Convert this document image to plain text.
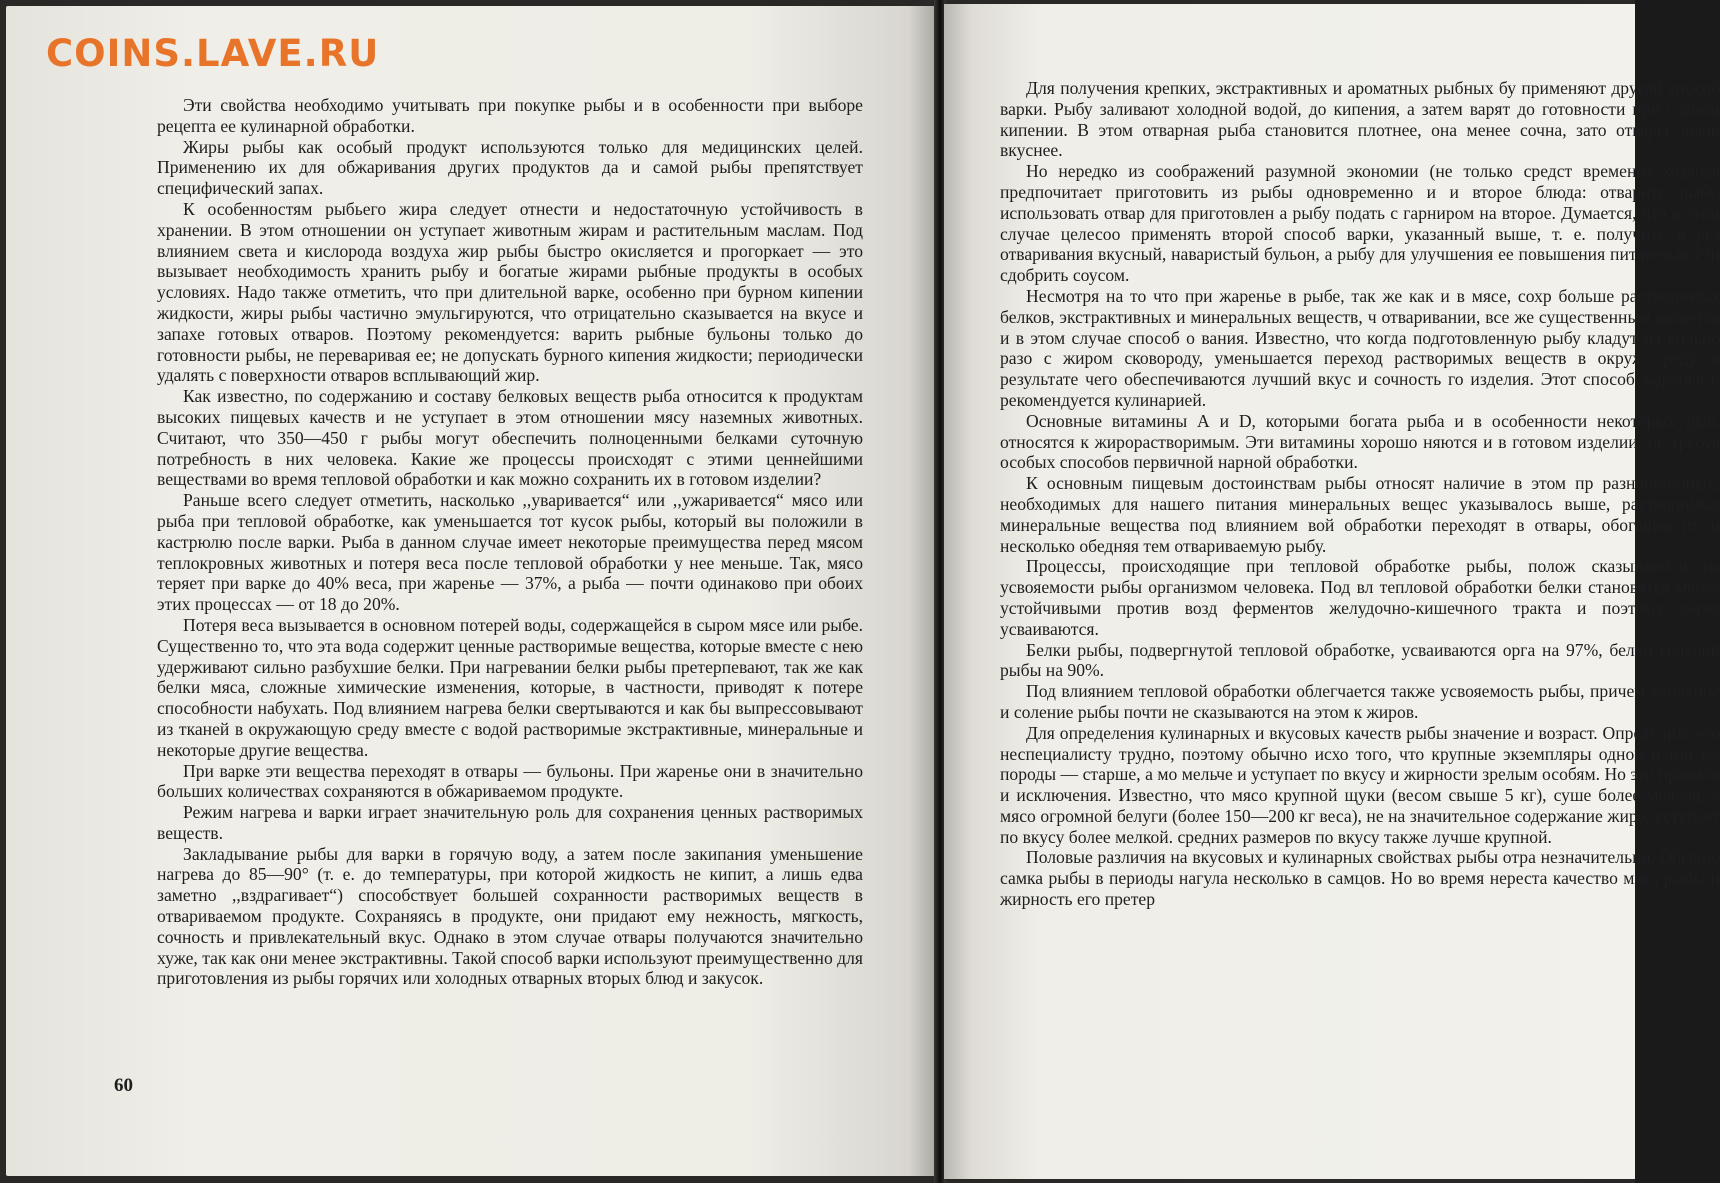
COINS.LAVE.RU

Эти свойства необходимо учитывать при покупке рыбы и в особенности при выборе рецепта ее кулинарной обработки.

Жиры рыбы как особый продукт используются только для медицинских целей. Применению их для обжаривания других продуктов да и самой рыбы препятствует специфический запах.

К особенностям рыбьего жира следует отнести и недостаточную устойчивость в хранении. В этом отношении он уступает животным жирам и растительным маслам. Под влиянием света и кислорода воздуха жир рыбы быстро окисляется и прогоркает — это вызывает необходимость хранить рыбу и богатые жирами рыбные продукты в особых условиях. Надо также отметить, что при длительной варке, особенно при бурном кипении жидкости, жиры рыбы частично эмульгируются, что отрицательно сказывается на вкусе и запахе готовых отваров. Поэтому рекомендуется: варить рыбные бульоны только до готовности рыбы, не переваривая ее; не допускать бурного кипения жидкости; периодически удалять с поверхности отваров всплывающий жир.

Как известно, по содержанию и составу белковых веществ рыба относится к продуктам высоких пищевых качеств и не уступает в этом отношении мясу наземных животных. Считают, что 350—450 г рыбы могут обеспечить полноценными белками суточную потребность в них человека. Какие же процессы происходят с этими ценнейшими веществами во время тепловой обработки и как можно сохранить их в готовом изделии?

Раньше всего следует отметить, насколько ,,уваривается“ или ,,ужаривается“ мясо или рыба при тепловой обработке, как уменьшается тот кусок рыбы, который вы положили в кастрюлю после варки. Рыба в данном случае имеет некоторые преимущества перед мясом теплокровных животных и потеря веса после тепловой обработки у нее меньше. Так, мясо теряет при варке до 40% веса, при жаренье — 37%, а рыба — почти одинаково при обоих этих процессах — от 18 до 20%.

Потеря веса вызывается в основном потерей воды, содержащейся в сыром мясе или рыбе. Существенно то, что эта вода содержит ценные растворимые вещества, которые вместе с нею удерживают сильно разбухшие белки. При нагревании белки рыбы претерпевают, так же как белки мяса, сложные химические изменения, которые, в частности, приводят к потере способности набухать. Под влиянием нагрева белки свертываются и как бы выпрессовывают из тканей в окружающую среду вместе с водой растворимые экстрактивные, минеральные и некоторые другие вещества.

При варке эти вещества переходят в отвары — бульоны. При жаренье они в значительно больших количествах сохраняются в обжариваемом продукте.

Режим нагрева и варки играет значительную роль для сохранения ценных растворимых веществ.

Закладывание рыбы для варки в горячую воду, а затем после закипания уменьшение нагрева до 85—90° (т. е. до температуры, при которой жидкость не кипит, а лишь едва заметно ,,вздрагивает“) способствует большей сохранности растворимых веществ в отвариваемом продукте. Сохраняясь в продукте, они придают ему нежность, мягкость, сочность и привлекательный вкус. Однако в этом случае отвары получаются значительно хуже, так как они менее экстрактивны. Такой способ варки используют преимущественно для приготовления из рыбы горячих или холодных отварных вторых блюд и закусок.

60

Для получения крепких, экстрактивных и ароматных рыбных бу применяют другой способ варки. Рыбу заливают холодной водой, до кипения, а затем варят до готовности при слабом кипении. В этом отварная рыба становится плотнее, она менее сочна, зато отвары значи вкуснее.

Но нередко из соображений разумной экономии (не только средст времени) хозяйка предпочитает приготовить из рыбы одновременно и и второе блюда: отварить рыбу, использовать отвар для приготовлен а рыбу подать с гарниром на второе. Думается, что в этом случае целесоо применять второй способ варки, указанный выше, т. е. получить в рез отваривания вкусный, наваристый бульон, а рыбу для улучшения ее повышения питательности сдобрить соусом.

Несмотря на то что при жаренье в рыбе, так же как и в мясе, сохр больше растворимых белков, экстрактивных и минеральных веществ, ч отваривании, все же существенным является и в этом случае способ о вания. Известно, что когда подготовленную рыбу кладут на сильно разо с жиром сковороду, уменьшается переход растворимых веществ в окруж среду, в результате чего обеспечиваются лучший вкус и сочность го изделия. Этот способ жаренья и рекомендуется кулинарией.

Основные витамины А и D, которыми богата рыба и в особенности некоторых рыб, относятся к жирорастворимым. Эти витамины хорошо няются и в готовом изделии, не требуя особых способов первичной нарной обработки.

К основным пищевым достоинствам рыбы относят наличие в этом пр разнообразных, необходимых для нашего питания минеральных вещес указывалось выше, растворимые минеральные вещества под влиянием вой обработки переходят в отвары, обогащая их и несколько обедняя тем отвариваемую рыбу.

Процессы, происходящие при тепловой обработке рыбы, полож сказываются на усвояемости рыбы организмом человека. Под вл тепловой обработки белки становятся менее устойчивыми против возд ферментов желудочно-кишечного тракта и поэтому легче усваиваются.

Белки рыбы, подвергнутой тепловой обработке, усваиваются орга на 97%, белки соленой рыбы на 90%.

Под влиянием тепловой обработки облегчается также усвояемость рыбы, причем копчение и соление рыбы почти не сказываются на этом к жиров.

Для определения кулинарных и вкусовых качеств рыбы значение и возраст. Определить его неспециалисту трудно, поэтому обычно исхо того, что крупные экземпляры одной и той же породы — старше, а мо мельче и уступает по вкусу и жирности зрелым особям. Но это правило и исключения. Известно, что мясо крупной щуки (весом свыше 5 кг), суше более мелкой, а мясо огромной белуги (более 150—200 кг веса), не на значительное содержание жира, уступает по вкусу более мелкой. средних размеров по вкусу также лучше крупной.

Половые различия на вкусовых и кулинарных свойствах рыбы отра незначительно. Обычно самка рыбы в периоды нагула несколько в самцов. Но во время нереста качество мяса рыбы и жирность его претер
